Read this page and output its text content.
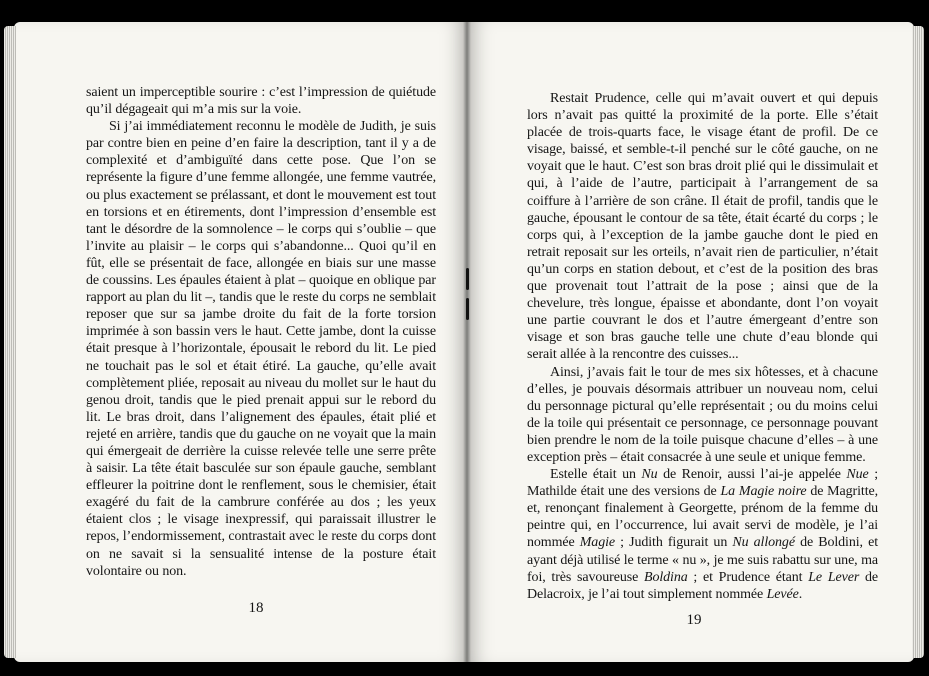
saient un imperceptible sourire : c’est l’impression de quiétude qu’il dégageait qui m’a mis sur la voie.

Si j’ai immédiatement reconnu le modèle de Judith, je suis par contre bien en peine d’en faire la description, tant il y a de complexité et d’ambiguïté dans cette pose. Que l’on se représente la figure d’une femme allongée, une femme vautrée, ou plus exactement se prélassant, et dont le mouvement est tout en torsions et en étirements, dont l’impression d’ensemble est tant le désordre de la somnolence – le corps qui s’oublie – que l’invite au plaisir – le corps qui s’abandonne... Quoi qu’il en fût, elle se présentait de face, allongée en biais sur une masse de coussins. Les épaules étaient à plat – quoique en oblique par rapport au plan du lit –, tandis que le reste du corps ne semblait reposer que sur sa jambe droite du fait de la forte torsion imprimée à son bassin vers le haut. Cette jambe, dont la cuisse était presque à l’horizontale, épousait le rebord du lit. Le pied ne touchait pas le sol et était étiré. La gauche, qu’elle avait complètement pliée, reposait au niveau du mollet sur le haut du genou droit, tandis que le pied prenait appui sur le rebord du lit. Le bras droit, dans l’alignement des épaules, était plié et rejeté en arrière, tandis que du gauche on ne voyait que la main qui émergeait de derrière la cuisse relevée telle une serre prête à saisir. La tête était basculée sur son épaule gauche, semblant effleurer la poitrine dont le renflement, sous le chemisier, était exagéré du fait de la cambrure conférée au dos ; les yeux étaient clos ; le visage inexpressif, qui paraissait illustrer le repos, l’endormissement, contrastait avec le reste du corps dont on ne savait si la sensualité intense de la posture était volontaire ou non.

18

Restait Prudence, celle qui m’avait ouvert et qui depuis lors n’avait pas quitté la proximité de la porte. Elle s’était placée de trois-quarts face, le visage étant de profil. De ce visage, baissé, et semble-t-il penché sur le côté gauche, on ne voyait que le haut. C’est son bras droit plié qui le dissimulait et qui, à l’aide de l’autre, participait à l’arrangement de sa coiffure à l’arrière de son crâne. Il était de profil, tandis que le gauche, épousant le contour de sa tête, était écarté du corps ; le corps qui, à l’exception de la jambe gauche dont le pied en retrait reposait sur les orteils, n’avait rien de particulier, n’était qu’un corps en station debout, et c’est de la position des bras que provenait tout l’attrait de la pose ; ainsi que de la chevelure, très longue, épaisse et abondante, dont l’on voyait une partie couvrant le dos et l’autre émergeant d’entre son visage et son bras gauche telle une chute d’eau blonde qui serait allée à la rencontre des cuisses...

Ainsi, j’avais fait le tour de mes six hôtesses, et à chacune d’elles, je pouvais désormais attribuer un nouveau nom, celui du personnage pictural qu’elle représentait ; ou du moins celui de la toile qui présentait ce personnage, ce personnage pouvant bien prendre le nom de la toile puisque chacune d’elles – à une exception près – était consacrée à une seule et unique femme.

Estelle était un Nu de Renoir, aussi l’ai-je appelée Nue ; Mathilde était une des versions de La Magie noire de Magritte, et, renonçant finalement à Georgette, prénom de la femme du peintre qui, en l’occurrence, lui avait servi de modèle, je l’ai nommée Magie ; Judith figurait un Nu allongé de Boldini, et ayant déjà utilisé le terme « nu », je me suis rabattu sur une, ma foi, très savoureuse Boldina ; et Prudence étant Le Lever de Delacroix, je l’ai tout simplement nommée Levée.

19
